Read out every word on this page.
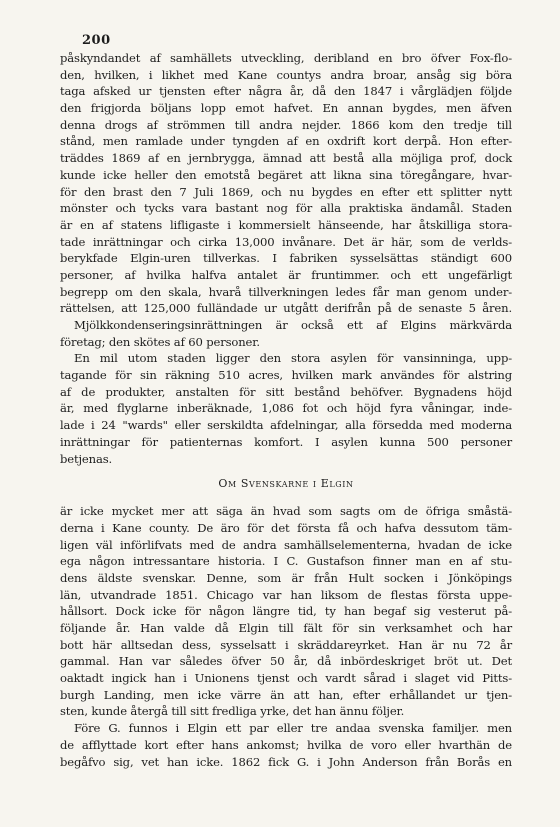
200
påskyndandet af samhällets utveckling, deribland en bro öfver Fox-flo-
den, hvilken, i likhet med Kane countys andra broar, ansåg sig böra
taga afsked ur tjensten efter några år, då den 1847 i vårglädjen följde
den frigjorda böljans lopp emot hafvet. En annan bygdes, men äfven
denna drogs af strömmen till andra nejder. 1866 kom den tredje till
stånd, men ramlade under tyngden af en oxdrift kort derpå. Hon efter-
träddes 1869 af en jernbrygga, ämnad att bestå alla möjliga prof, dock
kunde icke heller den emotstå begäret att likna sina töregångare, hvar-
för den brast den 7 Juli 1869, och nu bygdes en efter ett splitter nytt
mönster och tycks vara bastant nog för alla praktiska ändamål. Staden
är en af statens lifligaste i kommersielt hänseende, har åtskilliga stora-
tade inrättningar och cirka 13,000 invånare. Det är här, som de verlds-
berykfade Elgin-uren tillverkas. I fabriken sysselsättas ständigt 600
personer, af hvilka halfva antalet är fruntimmer. och ett ungefärligt
begrepp om den skala, hvarå tillverkningen ledes får man genom under-
rättelsen, att 125,000 fulländade ur utgått derifrån på de senaste 5 åren.
Mjölkkondenseringsinrättningen är också ett af Elgins märkvärda
företag; den skötes af 60 personer.
En mil utom staden ligger den stora asylen för vansinninga, upp-
tagande för sin räkning 510 acres, hvilken mark användes för alstring
af de produkter, anstalten för sitt bestånd behöfver. Bygnadens höjd
är, med flyglarne inberäknade, 1,086 fot och höjd fyra våningar, inde-
lade i 24 "wards" eller serskildta afdelningar, alla försedda med moderna
inrättningar för patienternas komfort. I asylen kunna 500 personer
betjenas.
Om Svenskarne i Elgin
är icke mycket mer att säga än hvad som sagts om de öfriga småstä-
derna i Kane county. De äro för det första få och hafva dessutom täm-
ligen väl införlifvats med de andra samhällselementerna, hvadan de icke
ega någon intressantare historia. I C. Gustafson finner man en af stu-
dens äldste svenskar. Denne, som är från Hult socken i Jönköpings
län, utvandrade 1851. Chicago var han liksom de flestas första uppe-
hållsort. Dock icke för någon längre tid, ty han begaf sig vesterut på-
följande år. Han valde då Elgin till fält för sin verksamhet och har
bott här alltsedan dess, sysselsatt i skräddareyrket. Han är nu 72 år
gammal. Han var således öfver 50 år, då inbördeskriget bröt ut. Det
oaktadt ingick han i Unionens tjenst och vardt sårad i slaget vid Pitts-
burgh Landing, men icke värre än att han, efter erhållandet ur tjen-
sten, kunde återgå till sitt fredliga yrke, det han ännu följer.
Före G. funnos i Elgin ett par eller tre andaa svenska familjer. men
de afflyttade kort efter hans ankomst; hvilka de voro eller hvarthän de
begåfvo sig, vet han icke. 1862 fick G. i John Anderson från Borås en
